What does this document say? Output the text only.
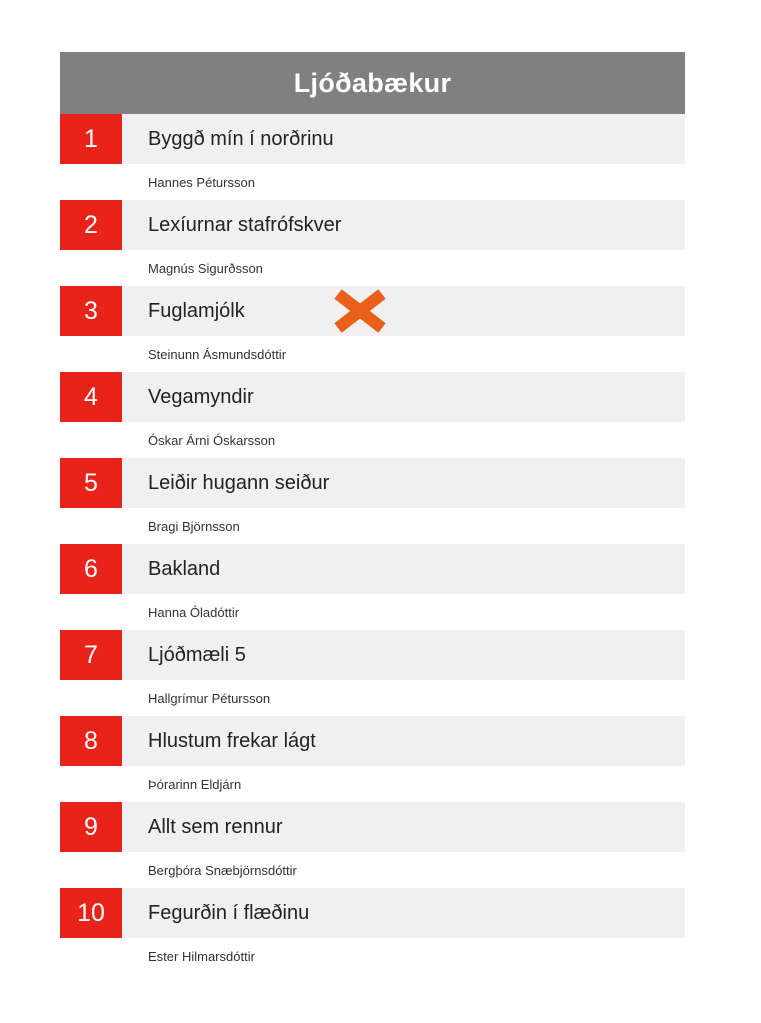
Ljóðabækur
1	Byggð mín í norðrinu
Hannes Pétursson
2	Lexíurnar stafrófskver
Magnús Sigurðsson
3	Fuglamjólk
Steinunn Ásmundsdóttir
4	Vegamyndir
Óskar Árni Óskarsson
5	Leiðir hugann seiður
Bragi Björnsson
6	Bakland
Hanna Óladóttir
7	Ljóðmæli 5
Hallgrímur Pétursson
8	Hlustum frekar lágt
Þórarinn Eldjárn
9	Allt sem rennur
Bergþóra Snæbjörnsdóttir
10	Fegurðin í flæðinu
Ester Hilmarsdóttir
